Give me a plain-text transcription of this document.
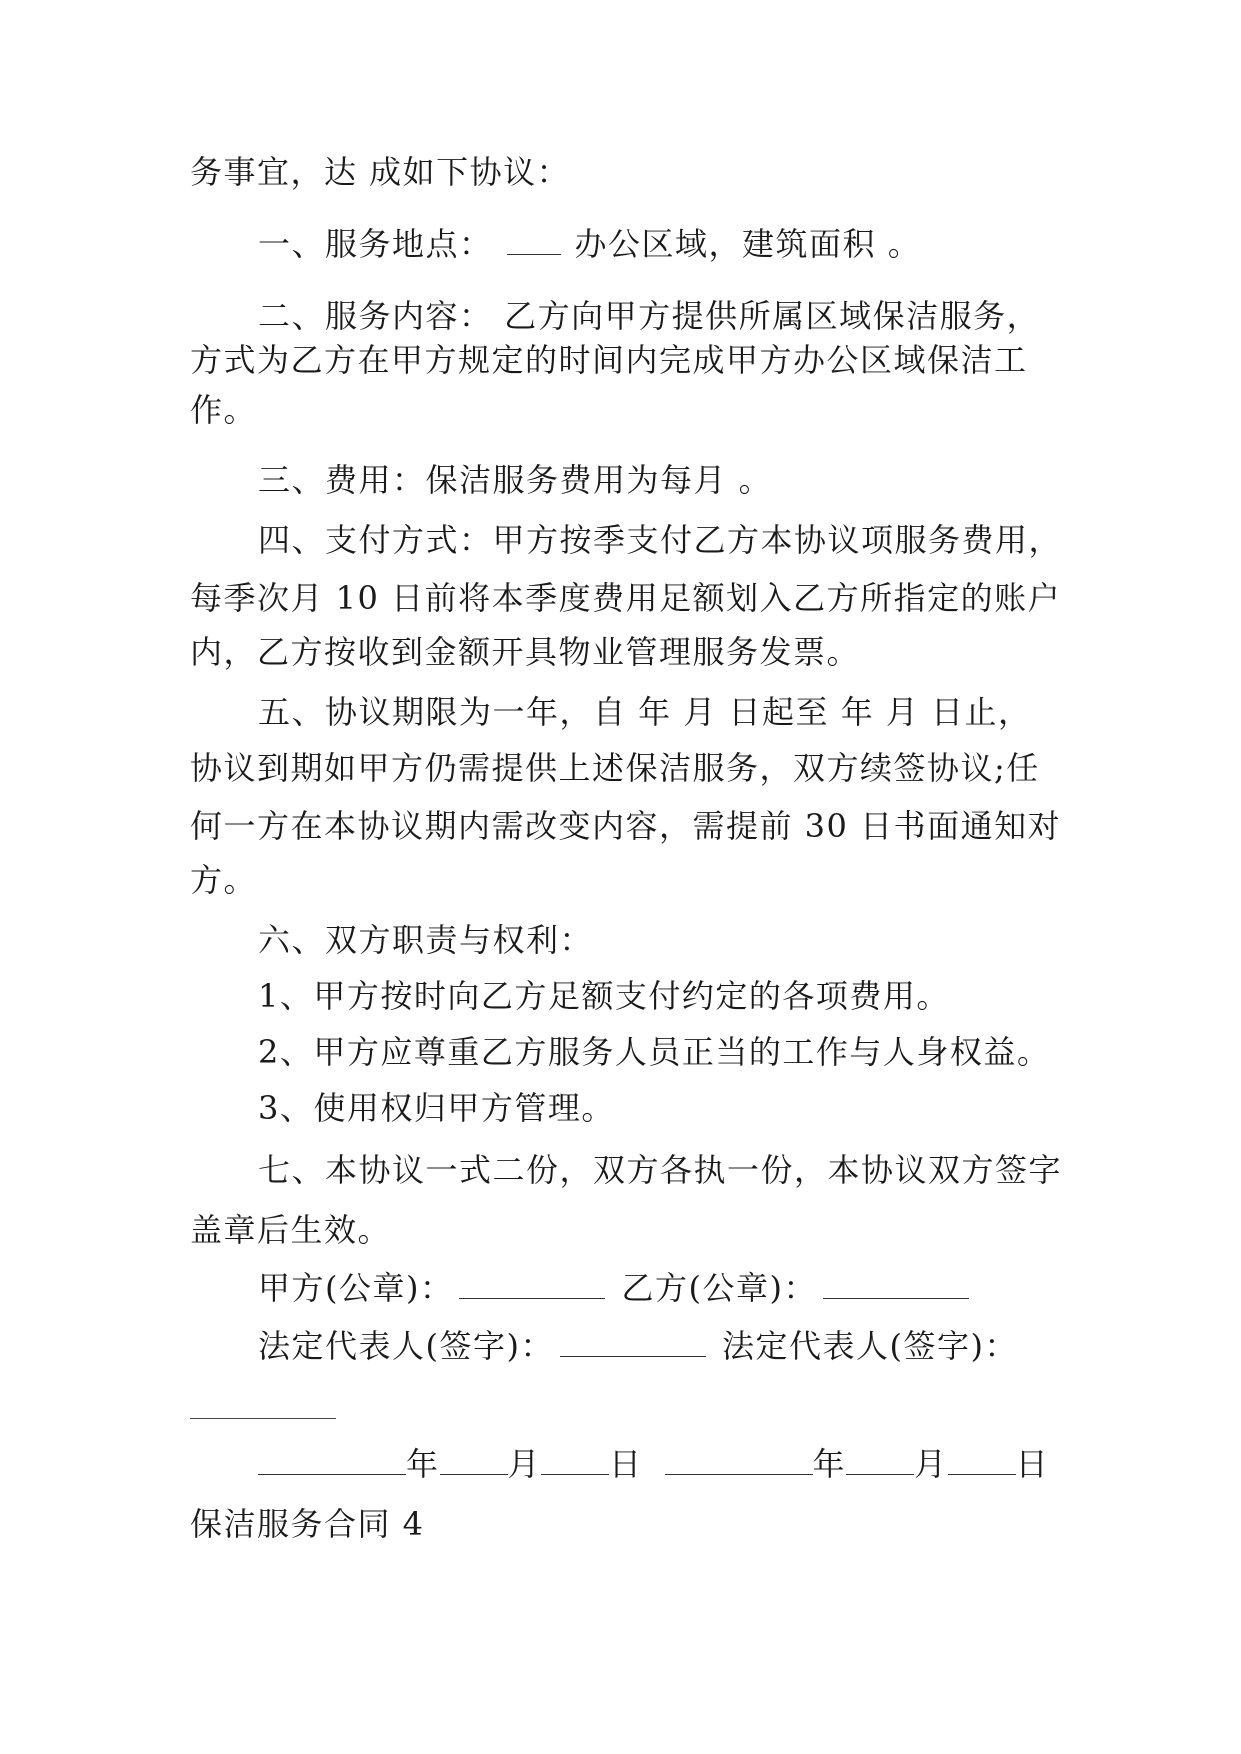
务事宜，达 成如下协议：
一、服务地点：	办公区域，建筑面积 。
二、服务内容： 乙方向甲方提供所属区域保洁服务，
方式为乙方在甲方规定的时间内完成甲方办公区域保洁工
作。
三、费用：保洁服务费用为每月 。
四、支付方式：甲方按季支付乙方本协议项服务费用，
每季次月 10 日前将本季度费用足额划入乙方所指定的账户
内，乙方按收到金额开具物业管理服务发票。
五、协议期限为一年，自 年 月 日起至 年 月 日止，
协议到期如甲方仍需提供上述保洁服务，双方续签协议;任
何一方在本协议期内需改变内容，需提前 30 日书面通知对
方。
六、双方职责与权利：
1、甲方按时向乙方足额支付约定的各项费用。
2、甲方应尊重乙方服务人员正当的工作与人身权益。
3、使用权归甲方管理。
七、本协议一式二份，双方各执一份，本协议双方签字
盖章后生效。
甲方(公章)：	乙方(公章)：
法定代表人(签字)：	法定代表人(签字)：
年 月 日	年 月 日
保洁服务合同 4
